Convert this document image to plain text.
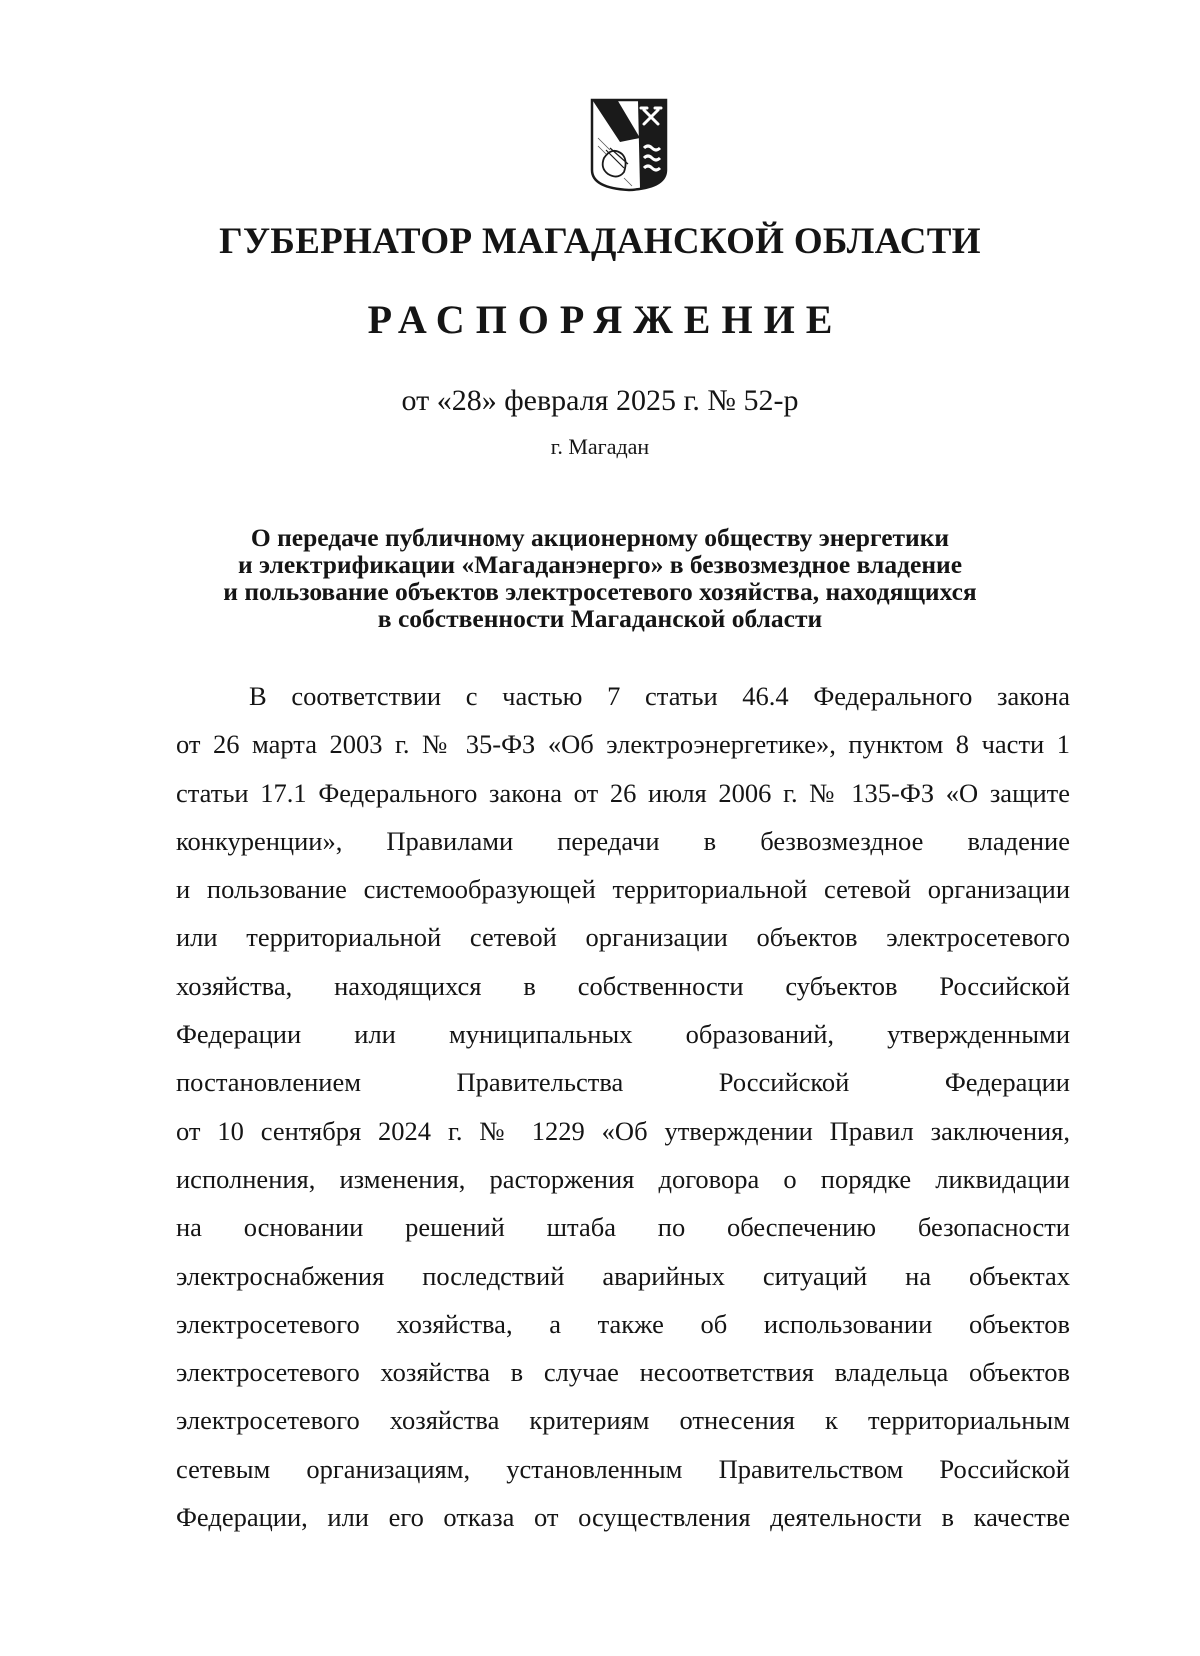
ГУБЕРНАТОР МАГАДАНСКОЙ ОБЛАСТИ
РАСПОРЯЖЕНИЕ

от «28» февраля 2025 г. № 52-р

г. Магадан

О передаче публичному акционерному обществу энергетики
и электрификации «Магаданэнерго» в безвозмездное владение
и пользование объектов электросетевого хозяйства, находящихся
в собственности Магаданской области
В соответствии с частью 7 статьи 46.4 Федерального закона
от 26 марта 2003 г. № 35-ФЗ «Об электроэнергетике», пунктом 8 части 1
статьи 17.1 Федерального закона от 26 июля 2006 г. № 135-ФЗ «О защите
конкуренции», Правилами передачи в безвозмездное владение
и пользование системообразующей территориальной сетевой организации
или территориальной сетевой организации объектов электросетевого
хозяйства, находящихся в собственности субъектов Российской
Федерации или муниципальных образований, утвержденными
постановлением Правительства Российской Федерации
от 10 сентября 2024 г. № 1229 «Об утверждении Правил заключения,
исполнения, изменения, расторжения договора о порядке ликвидации
на основании решений штаба по обеспечению безопасности
электроснабжения последствий аварийных ситуаций на объектах
электросетевого хозяйства, а также об использовании объектов
электросетевого хозяйства в случае несоответствия владельца объектов
электросетевого хозяйства критериям отнесения к территориальным
сетевым организациям, установленным Правительством Российской
Федерации, или его отказа от осуществления деятельности в качестве
